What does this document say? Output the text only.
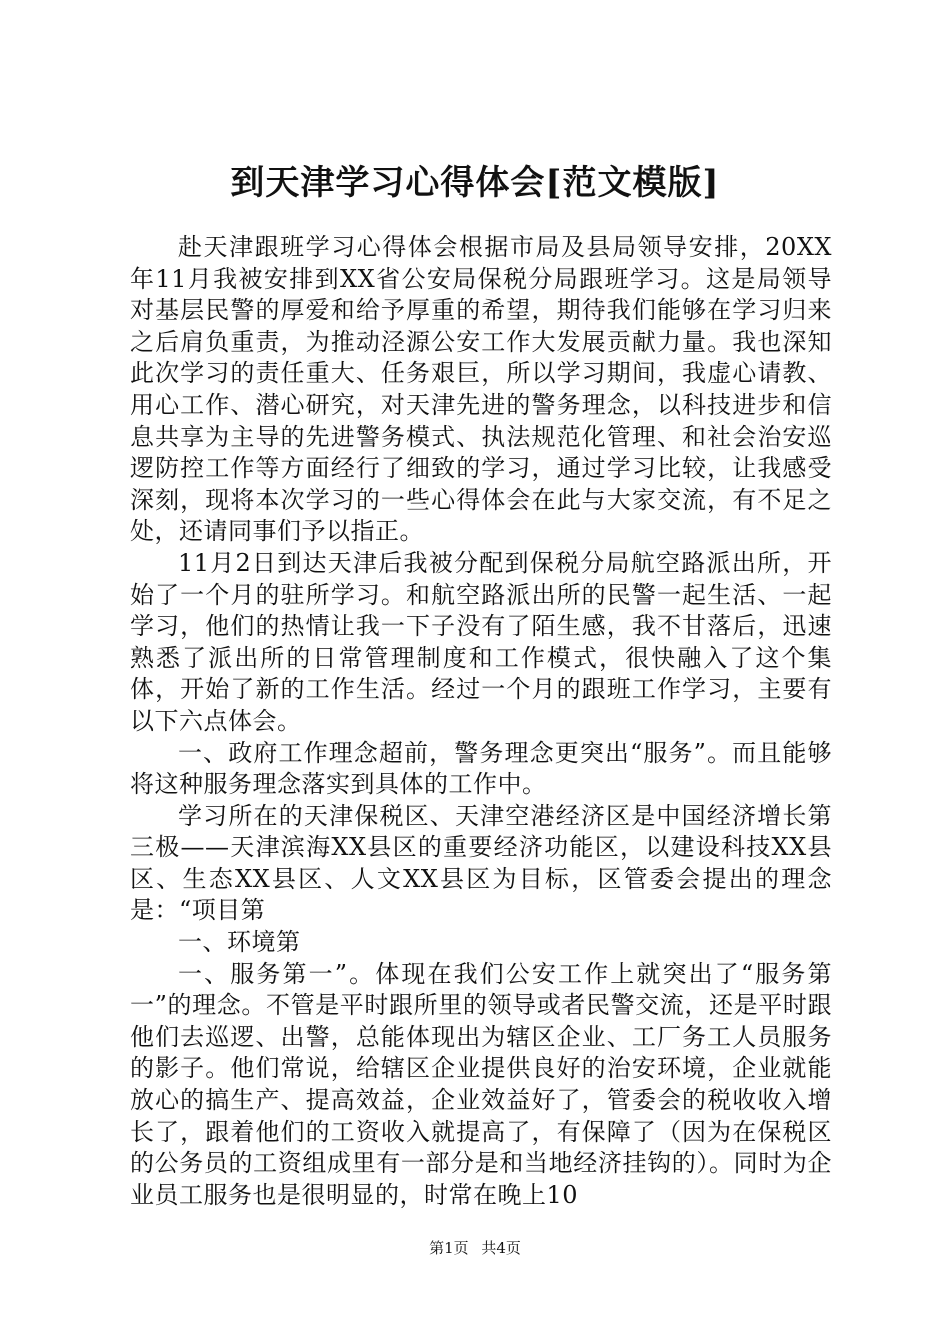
到天津学习心得体会[范文模版]

赴天津跟班学习心得体会根据市局及县局领导安排，20XX年11月我被安排到XX省公安局保税分局跟班学习。这是局领导对基层民警的厚爱和给予厚重的希望，期待我们能够在学习归来之后肩负重责，为推动泾源公安工作大发展贡献力量。我也深知此次学习的责任重大、任务艰巨，所以学习期间，我虚心请教、用心工作、潜心研究，对天津先进的警务理念，以科技进步和信息共享为主导的先进警务模式、执法规范化管理、和社会治安巡逻防控工作等方面经行了细致的学习，通过学习比较，让我感受深刻，现将本次学习的一些心得体会在此与大家交流，有不足之处，还请同事们予以指正。

11月2日到达天津后我被分配到保税分局航空路派出所，开始了一个月的驻所学习。和航空路派出所的民警一起生活、一起学习，他们的热情让我一下子没有了陌生感，我不甘落后，迅速熟悉了派出所的日常管理制度和工作模式，很快融入了这个集体，开始了新的工作生活。经过一个月的跟班工作学习，主要有以下六点体会。

一、政府工作理念超前，警务理念更突出“服务”。而且能够将这种服务理念落实到具体的工作中。

学习所在的天津保税区、天津空港经济区是中国经济增长第三极——天津滨海XX县区的重要经济功能区，以建设科技XX县区、生态XX县区、人文XX县区为目标，区管委会提出的理念是：“项目第

一、环境第

一、服务第一”。体现在我们公安工作上就突出了“服务第一”的理念。不管是平时跟所里的领导或者民警交流，还是平时跟他们去巡逻、出警，总能体现出为辖区企业、工厂务工人员服务的影子。他们常说，给辖区企业提供良好的治安环境，企业就能放心的搞生产、提高效益，企业效益好了，管委会的税收收入增长了，跟着他们的工资收入就提高了，有保障了（因为在保税区的公务员的工资组成里有一部分是和当地经济挂钩的）。同时为企业员工服务也是很明显的，时常在晚上10

第1页 共4页
